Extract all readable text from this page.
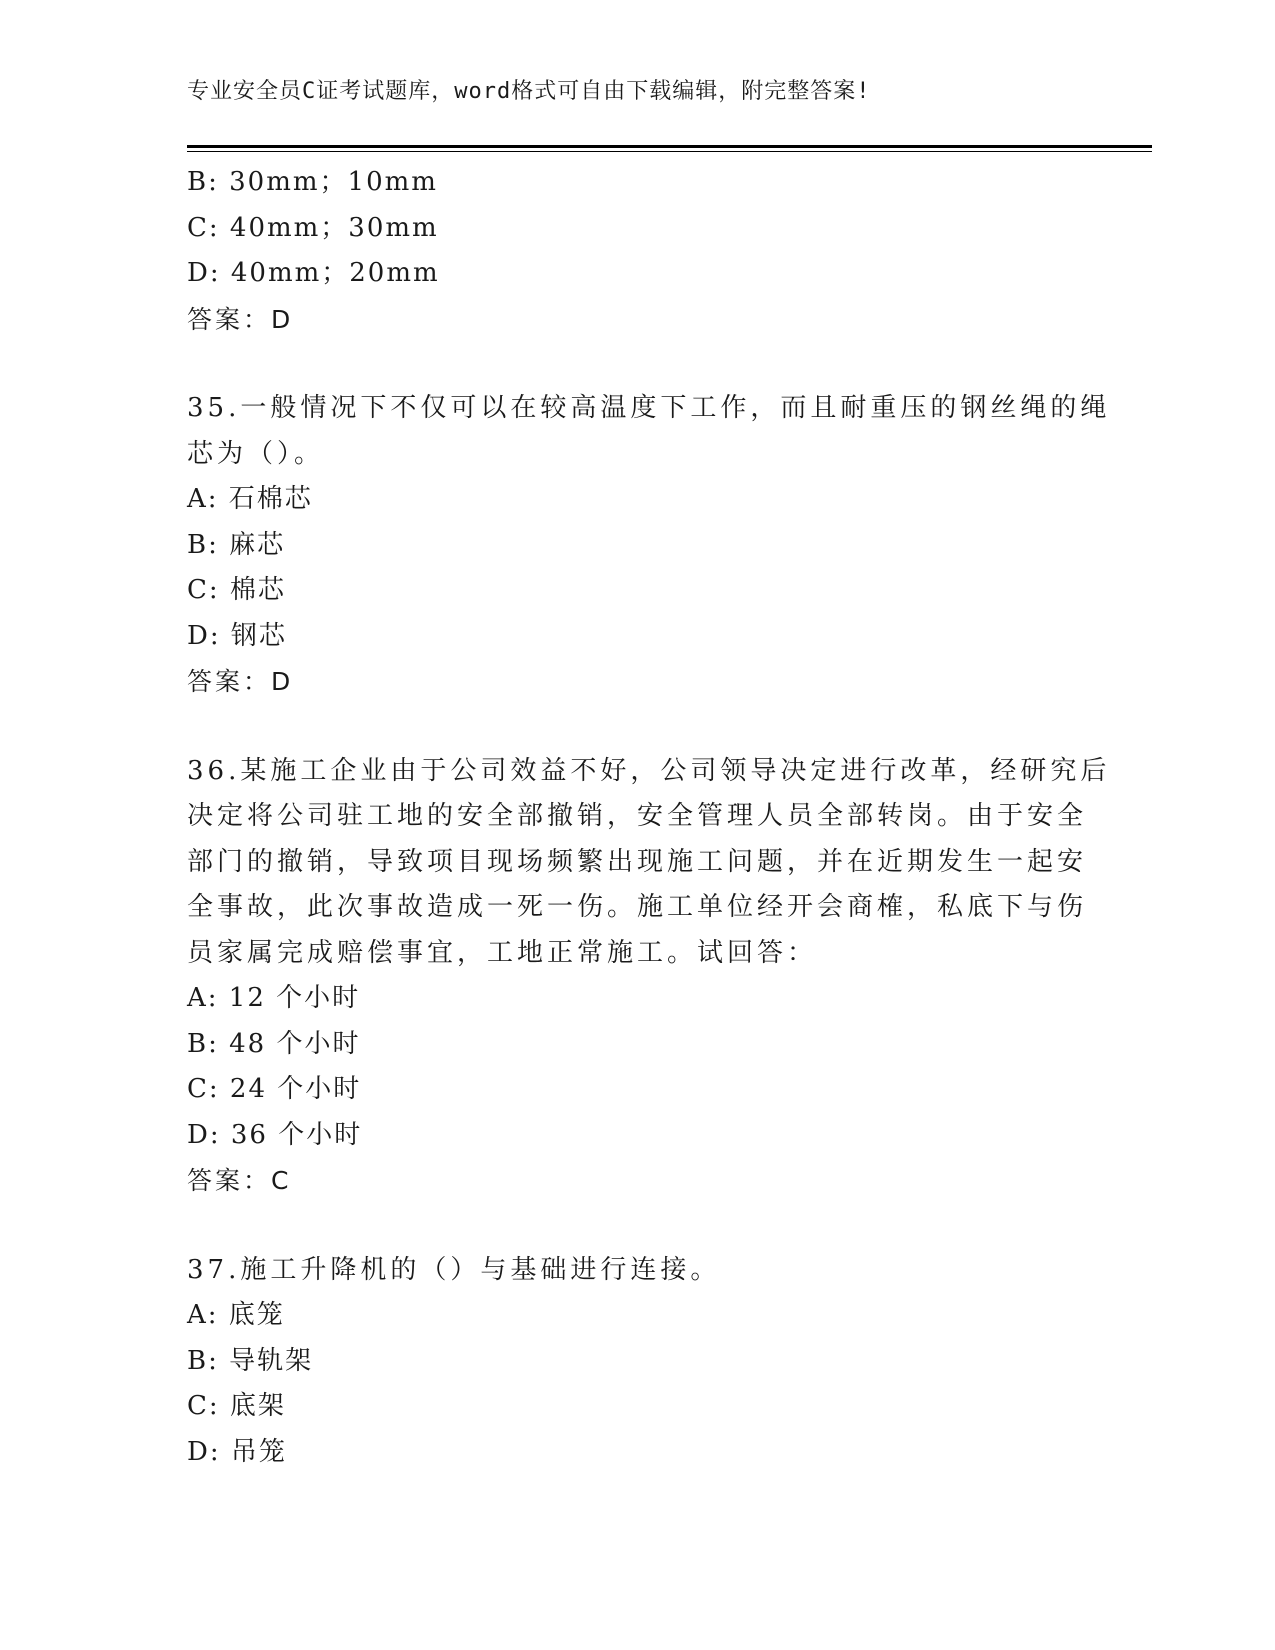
专业安全员C证考试题库，word格式可自由下载编辑，附完整答案!
B: 30mm；10mm
C: 40mm；30mm
D: 40mm；20mm
答案：D
35.一般情况下不仅可以在较高温度下工作，而且耐重压的钢丝绳的绳
芯为（）。
A: 石棉芯
B: 麻芯
C: 棉芯
D: 钢芯
答案：D
36.某施工企业由于公司效益不好，公司领导决定进行改革，经研究后
决定将公司驻工地的安全部撤销，安全管理人员全部转岗。由于安全
部门的撤销，导致项目现场频繁出现施工问题，并在近期发生一起安
全事故，此次事故造成一死一伤。施工单位经开会商榷，私底下与伤
员家属完成赔偿事宜，工地正常施工。试回答：
A: 12 个小时
B: 48 个小时
C: 24 个小时
D: 36 个小时
答案：C
37.施工升降机的（）与基础进行连接。
A: 底笼
B: 导轨架
C: 底架
D: 吊笼
